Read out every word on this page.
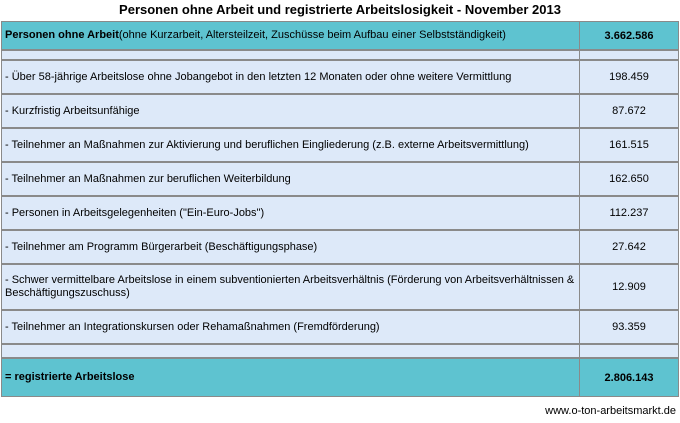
Personen ohne Arbeit und registrierte Arbeitslosigkeit - November 2013
Personen ohne Arbeit (ohne Kurzarbeit, Altersteilzeit, Zuschüsse beim Aufbau einer Selbstständigkeit)	3.662.586
- Über 58-jährige Arbeitslose ohne Jobangebot in den letzten 12 Monaten oder ohne weitere Vermittlung	198.459
- Kurzfristig Arbeitsunfähige	87.672
- Teilnehmer an Maßnahmen zur Aktivierung und beruflichen Eingliederung (z.B. externe Arbeitsvermittlung)	161.515
- Teilnehmer an Maßnahmen zur beruflichen Weiterbildung	162.650
- Personen in Arbeitsgelegenheiten ("Ein-Euro-Jobs")	112.237
- Teilnehmer am Programm Bürgerarbeit (Beschäftigungsphase)	27.642
- Schwer vermittelbare Arbeitslose in einem subventionierten Arbeitsverhältnis (Förderung von Arbeitsverhältnissen & Beschäftigungszuschuss)	12.909
- Teilnehmer an Integrationskursen oder Rehamaßnahmen (Fremdförderung)	93.359
= registrierte Arbeitslose	2.806.143
www.o-ton-arbeitsmarkt.de
